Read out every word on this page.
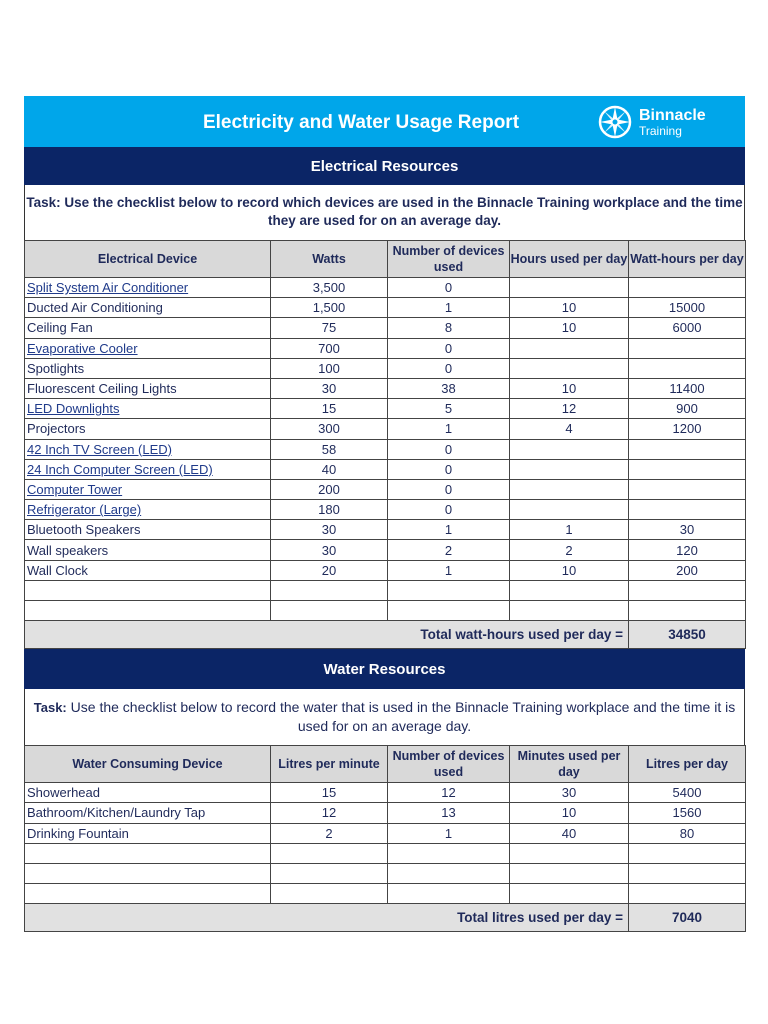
Electricity and Water Usage Report	Binnacle
Training
Electrical Resources
Task: Use the checklist below to record which devices are used in the Binnacle Training workplace and the time they are used for on an average day.
Electrical Device	Watts	Number of devices used	Hours used per day	Watt-hours per day
Split System Air Conditioner	3,500	0		
Ducted Air Conditioning	1,500	1	10	15000
Ceiling Fan	75	8	10	6000
Evaporative Cooler	700	0		
Spotlights	100	0		
Fluorescent Ceiling Lights	30	38	10	11400
LED Downlights	15	5	12	900
Projectors	300	1	4	1200
42 Inch TV Screen (LED)	58	0		
24 Inch Computer Screen (LED)	40	0		
Computer Tower	200	0		
Refrigerator (Large)	180	0		
Bluetooth Speakers	30	1	1	30
Wall speakers	30	2	2	120
Wall Clock	20	1	10	200

Total watt-hours used per day =				34850
Water Resources
Task: Use the checklist below to record the water that is used in the Binnacle Training workplace and the time it is used for on an average day.
Water Consuming Device	Litres per minute	Number of devices used	Minutes used per day	Litres per day
Showerhead	15	12	30	5400
Bathroom/Kitchen/Laundry Tap	12	13	10	1560
Drinking Fountain	2	1	40	80

Total litres used per day =				7040
